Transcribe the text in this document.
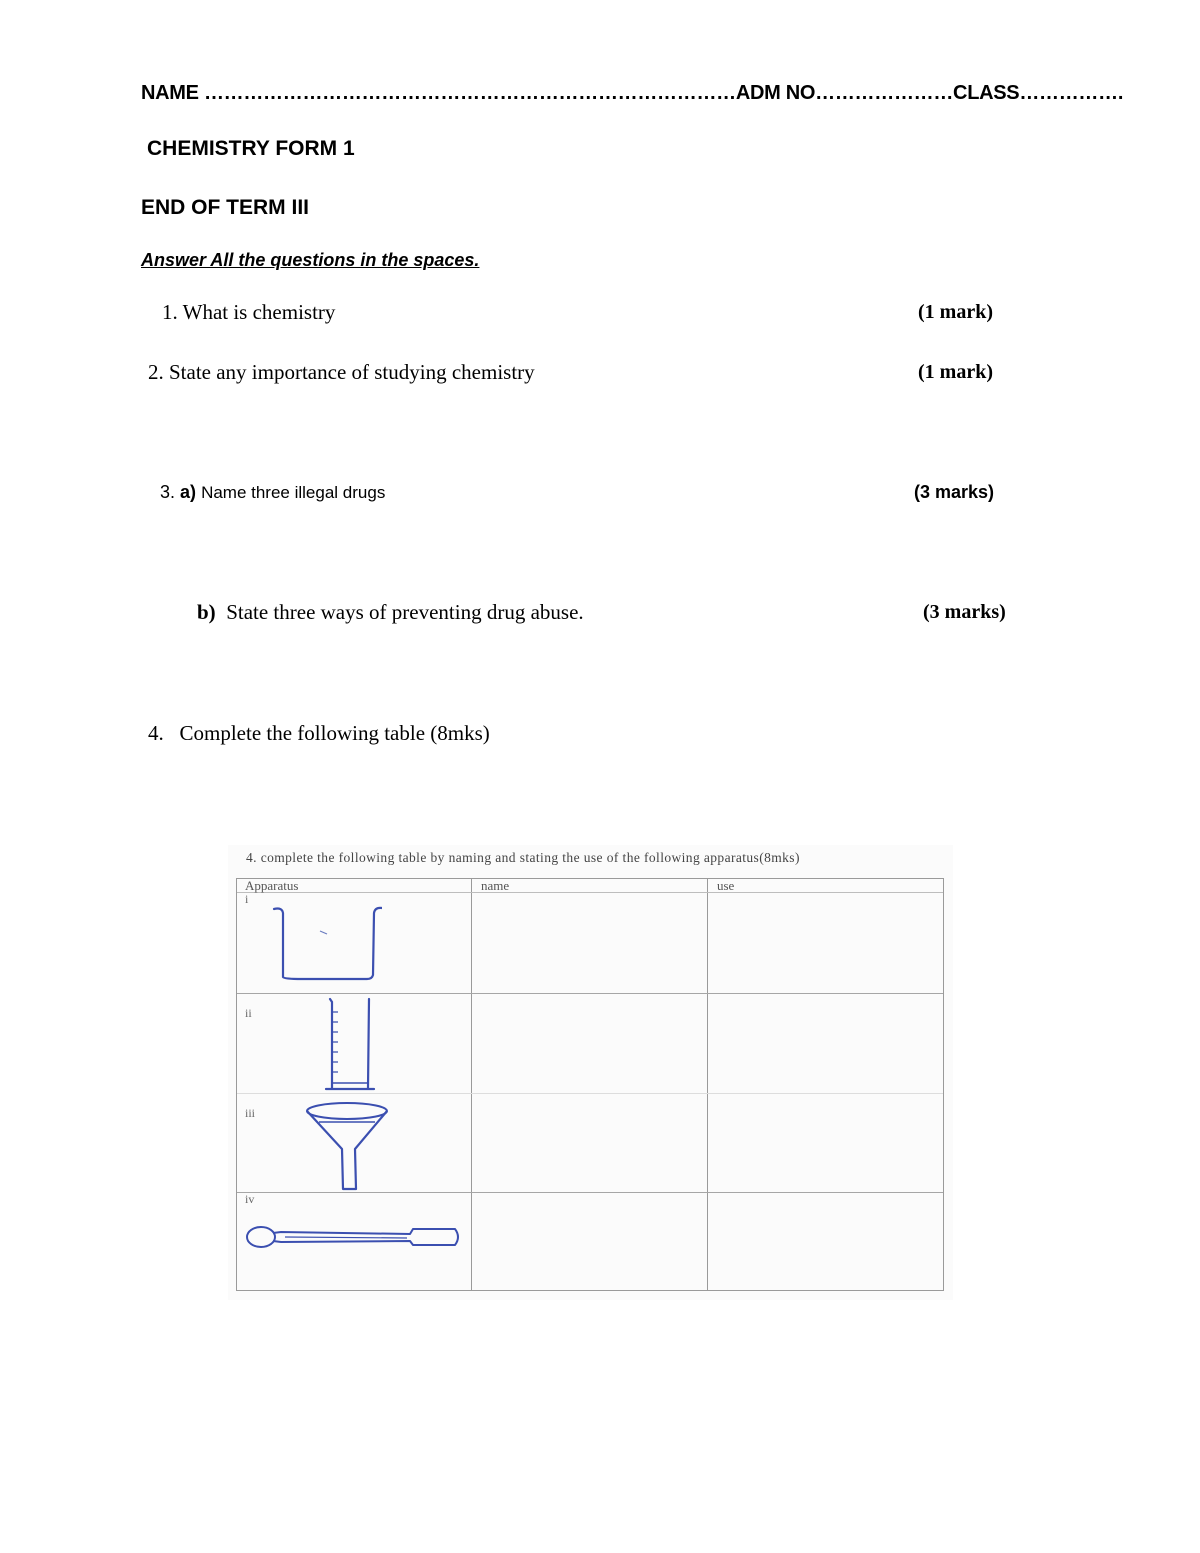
NAME ………………………………………………………………………ADM NO…………………CLASS…………….
CHEMISTRY FORM 1
END OF TERM III
Answer All the questions in the spaces.
1. What is chemistry	(1 mark)
2. State any importance of studying chemistry	(1 mark)
3. a) Name three illegal drugs	(3 marks)
b) State three ways of preventing drug abuse.	(3 marks)
4. Complete the following table (8mks)
4. complete the following table by naming and stating the use of the following apparatus(8mks)
Apparatus	name	use
i
ii
iii
iv
